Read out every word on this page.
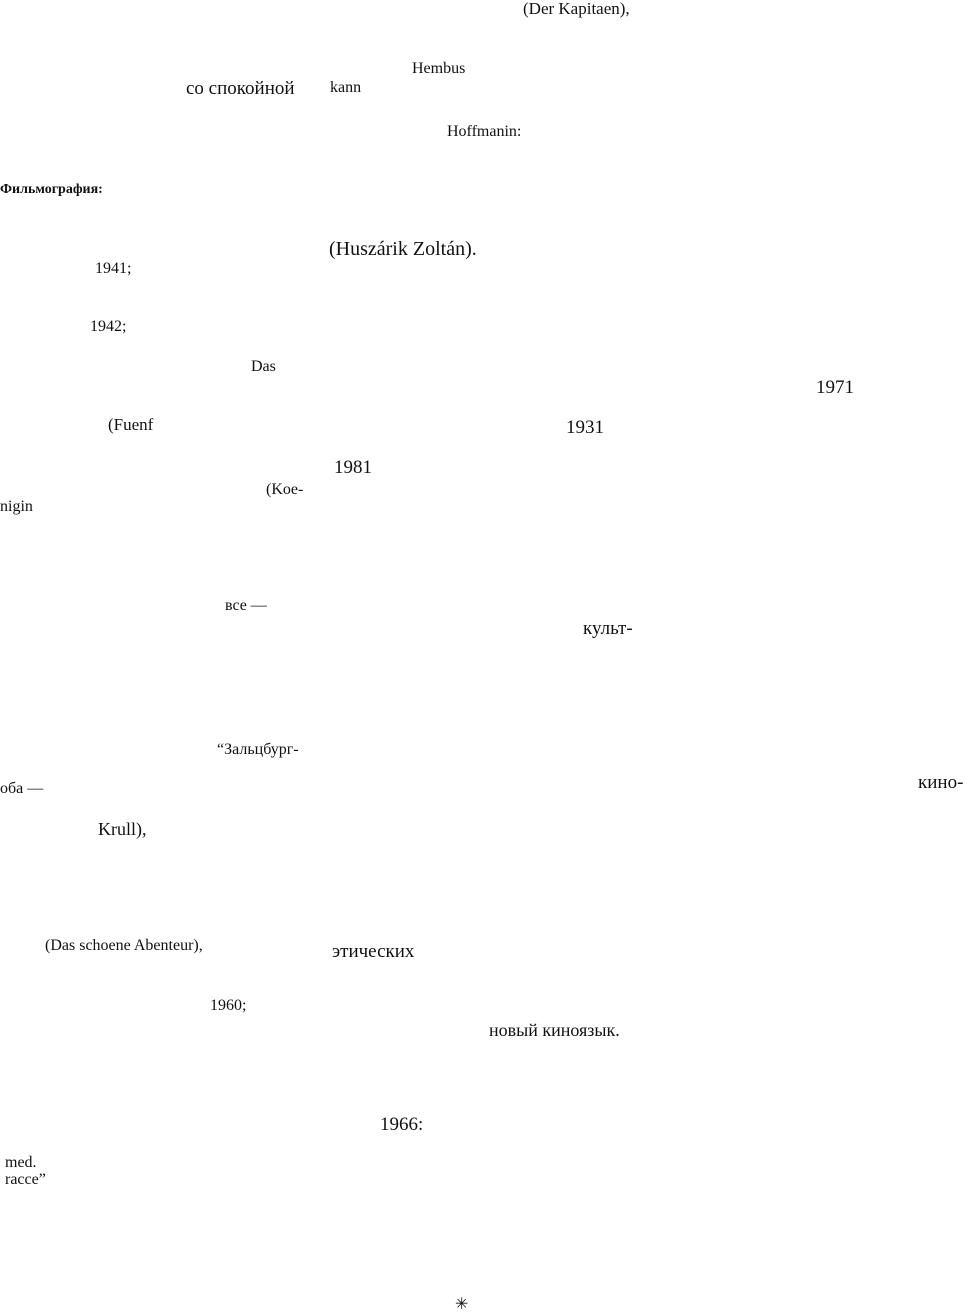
(Der Kapitaen),
Hembus
со спокойной kann
Hoffmanin:
Фильмография:
(Huszárik Zoltán).
1941;
1942;
Das
1971
(Fuenf	1931
1981
(Koe-
nigin
все —
культ-
“Зальцбург-
оба —	кино-
Krull),
(Das schoene Abenteur),	этических
1960;
новый киноязык.
1966:
med.
racce”
✳
